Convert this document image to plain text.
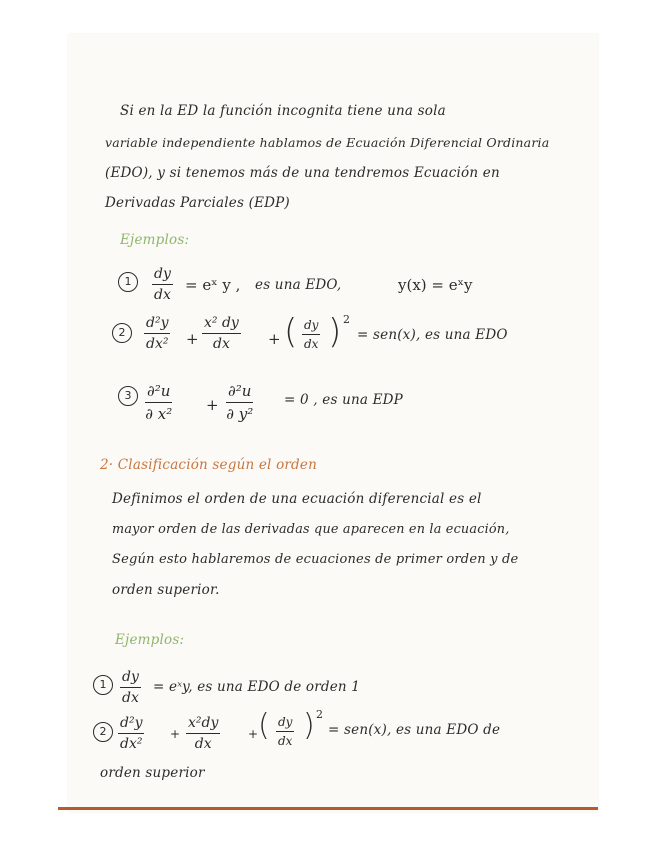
Si en la ED la función incognita tiene una sola
variable independiente hablamos de Ecuación Diferencial Ordinaria
(EDO), y si tenemos más de una tendremos Ecuación en
Derivadas Parciales (EDP)
Ejemplos:
1	$\frac{dy}{dx}$ = eˣ y , es una EDO,	y(x) = eˣy
2	$\frac{\text{d²y}}{\text{dx²}} + \frac{\text{x² dy}}{dx}$ + ( $\frac{dy}{dx}$ ) 2
= sen(x), es una EDO
$3 \frac{\text{∂²u}}{\text{∂ x²}} + \frac{\text{∂²u}}{\text{∂ y²}} = 0$ , es una EDP
2· Clasificación según el orden
Definimos el orden de una ecuación diferencial es el
mayor orden de las derivadas que aparecen en la ecuación,
Según esto hablaremos de ecuaciones de primer orden y de
orden superior.
Ejemplos:
$1 \frac{dy}{dx}$ = eˣy, es una EDO de orden 1
$2 \frac{\text{d²y}}{\text{dx²}} + \frac{\text{x²dy}}{dx}$ + ( $\frac{dy}{dx}$ ) 2
= sen(x), es una EDO de
orden superior
